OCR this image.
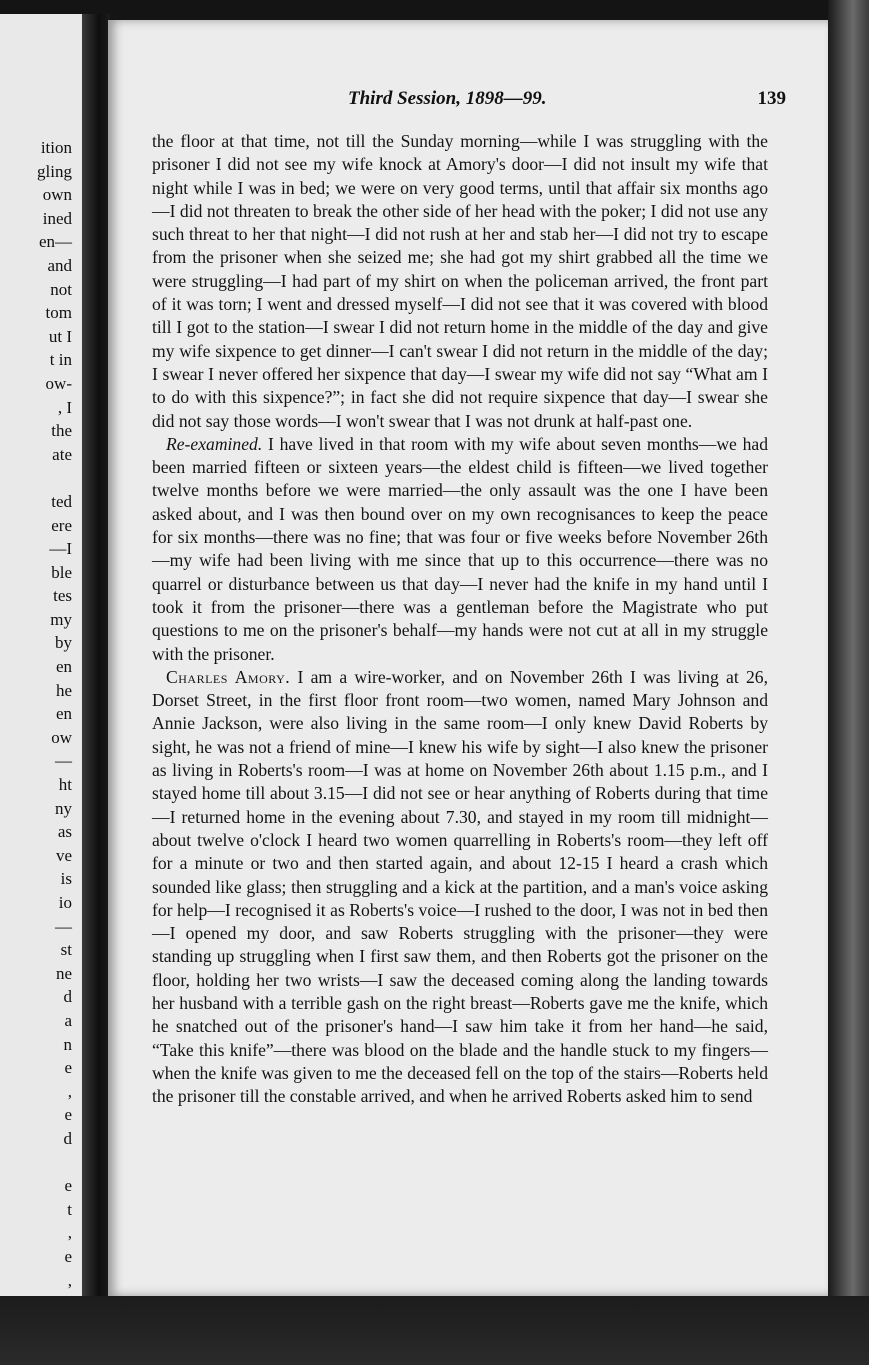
ition
gling
own
ined
en—
and
not
tom
ut I
t in
ow-
, I
the
ate

ted
ere
—I
ble
tes
my
by
en
he
en
ow
—
ht
ny
as
ve
is
io
—
st
ne
d
a
n
e
,
e
d

e
t
,
e
,

Third Session, 1898—99.	139

the floor at that time, not till the Sunday morning—while I was struggling with the prisoner I did not see my wife knock at Amory's door—I did not insult my wife that night while I was in bed; we were on very good terms, until that affair six months ago—I did not threaten to break the other side of her head with the poker; I did not use any such threat to her that night—I did not rush at her and stab her—I did not try to escape from the prisoner when she seized me; she had got my shirt grabbed all the time we were struggling—I had part of my shirt on when the policeman arrived, the front part of it was torn; I went and dressed myself—I did not see that it was covered with blood till I got to the station—I swear I did not return home in the middle of the day and give my wife sixpence to get dinner—I can't swear I did not return in the middle of the day; I swear I never offered her sixpence that day—I swear my wife did not say “What am I to do with this sixpence?”; in fact she did not require sixpence that day—I swear she did not say those words—I won't swear that I was not drunk at half-past one.

Re-examined. I have lived in that room with my wife about seven months—we had been married fifteen or sixteen years—the eldest child is fifteen—we lived together twelve months before we were married—the only assault was the one I have been asked about, and I was then bound over on my own recognisances to keep the peace for six months—there was no fine; that was four or five weeks before November 26th—my wife had been living with me since that up to this occurrence—there was no quarrel or disturbance between us that day—I never had the knife in my hand until I took it from the prisoner—there was a gentleman before the Magistrate who put questions to me on the prisoner's behalf—my hands were not cut at all in my struggle with the prisoner.

Charles Amory. I am a wire-worker, and on November 26th I was living at 26, Dorset Street, in the first floor front room—two women, named Mary Johnson and Annie Jackson, were also living in the same room—I only knew David Roberts by sight, he was not a friend of mine—I knew his wife by sight—I also knew the prisoner as living in Roberts's room—I was at home on November 26th about 1.15 p.m., and I stayed home till about 3.15—I did not see or hear anything of Roberts during that time—I returned home in the evening about 7.30, and stayed in my room till midnight—about twelve o'clock I heard two women quarrelling in Roberts's room—they left off for a minute or two and then started again, and about 12-15 I heard a crash which sounded like glass; then struggling and a kick at the partition, and a man's voice asking for help—I recognised it as Roberts's voice—I rushed to the door, I was not in bed then—I opened my door, and saw Roberts struggling with the prisoner—they were standing up struggling when I first saw them, and then Roberts got the prisoner on the floor, holding her two wrists—I saw the deceased coming along the landing towards her husband with a terrible gash on the right breast—Roberts gave me the knife, which he snatched out of the prisoner's hand—I saw him take it from her hand—he said, “Take this knife”—there was blood on the blade and the handle stuck to my fingers—when the knife was given to me the deceased fell on the top of the stairs—Roberts held the prisoner till the constable arrived, and when he arrived Roberts asked him to send
